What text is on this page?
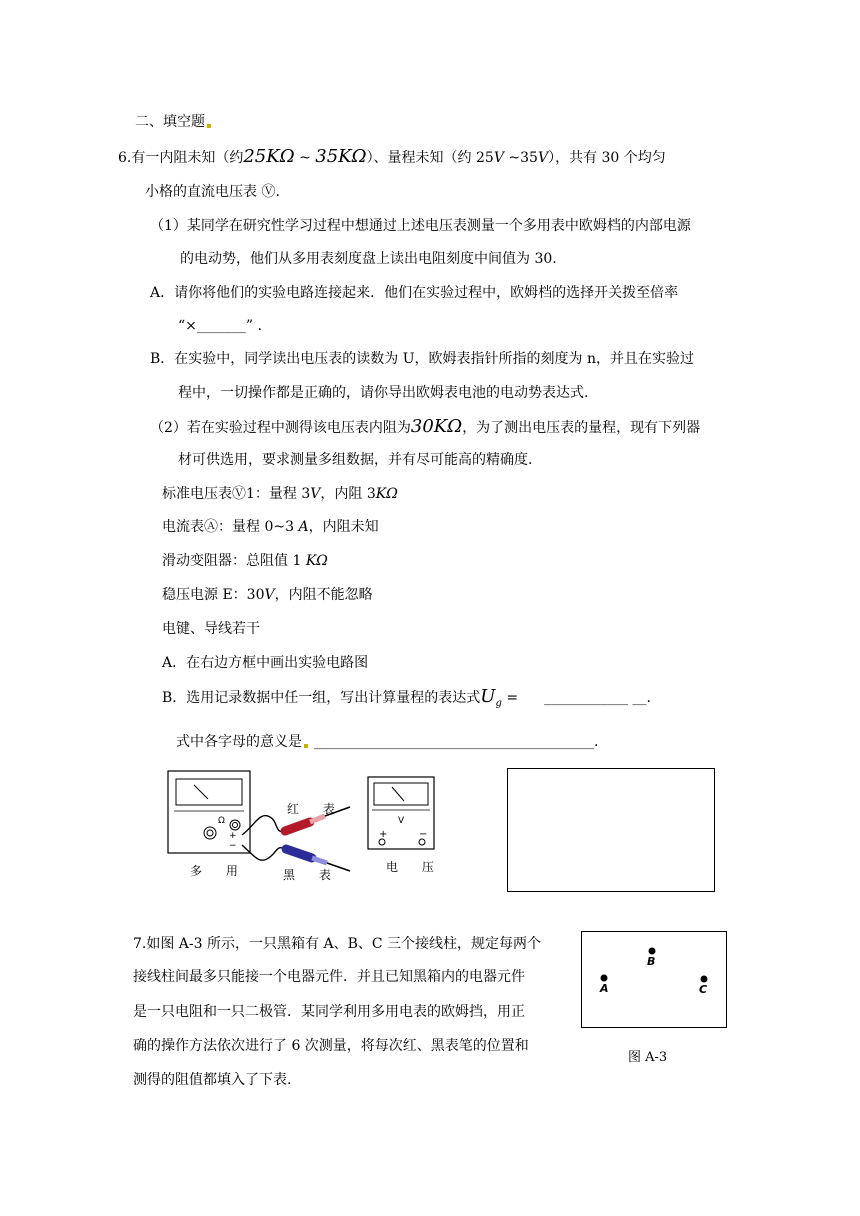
二、填空题
6.有一内阻未知（约25KΩ ~ 35KΩ）、量程未知（约 25V ~35V），共有 30 个均匀
小格的直流电压表 Ⓥ.
（1）某同学在研究性学习过程中想通过上述电压表测量一个多用表中欧姆档的内部电源
的电动势，他们从多用表刻度盘上读出电阻刻度中间值为 30.
A．请你将他们的实验电路连接起来．他们在实验过程中，欧姆档的选择开关拨至倍率
“×_______” .
B．在实验中，同学读出电压表的读数为 U，欧姆表指针所指的刻度为 n，并且在实验过
程中，一切操作都是正确的，请你导出欧姆表电池的电动势表达式.
（2）若在实验过程中测得该电压表内阻为30KΩ，为了测出电压表的量程，现有下列器
材可供选用，要求测量多组数据，并有尽可能高的精确度.
标准电压表Ⓥ1：量程 3V，内阻 3KΩ
电流表Ⓐ：量程 0~3 A，内阻未知
滑动变阻器：总阻值 1 KΩ
稳压电源 E：30V，内阻不能忽略
电键、导线若干
A．在右边方框中画出实验电路图
B．选用记录数据中任一组，写出计算量程的表达式$U_g$ = ____________ __.
式中各字母的意义是 ________________________________________.
Ω
+
−
V
+	−
多 用
红 表
黑 表
电 压
7.如图 A-3 所示，一只黑箱有 A、B、C 三个接线柱，规定每两个
接线柱间最多只能接一个电器元件．并且已知黑箱内的电器元件
是一只电阻和一只二极管．某同学利用多用电表的欧姆挡，用正
确的操作方法依次进行了 6 次测量，将每次红、黑表笔的位置和
测得的阻值都填入了下表.
B
A	C
图 A-3
